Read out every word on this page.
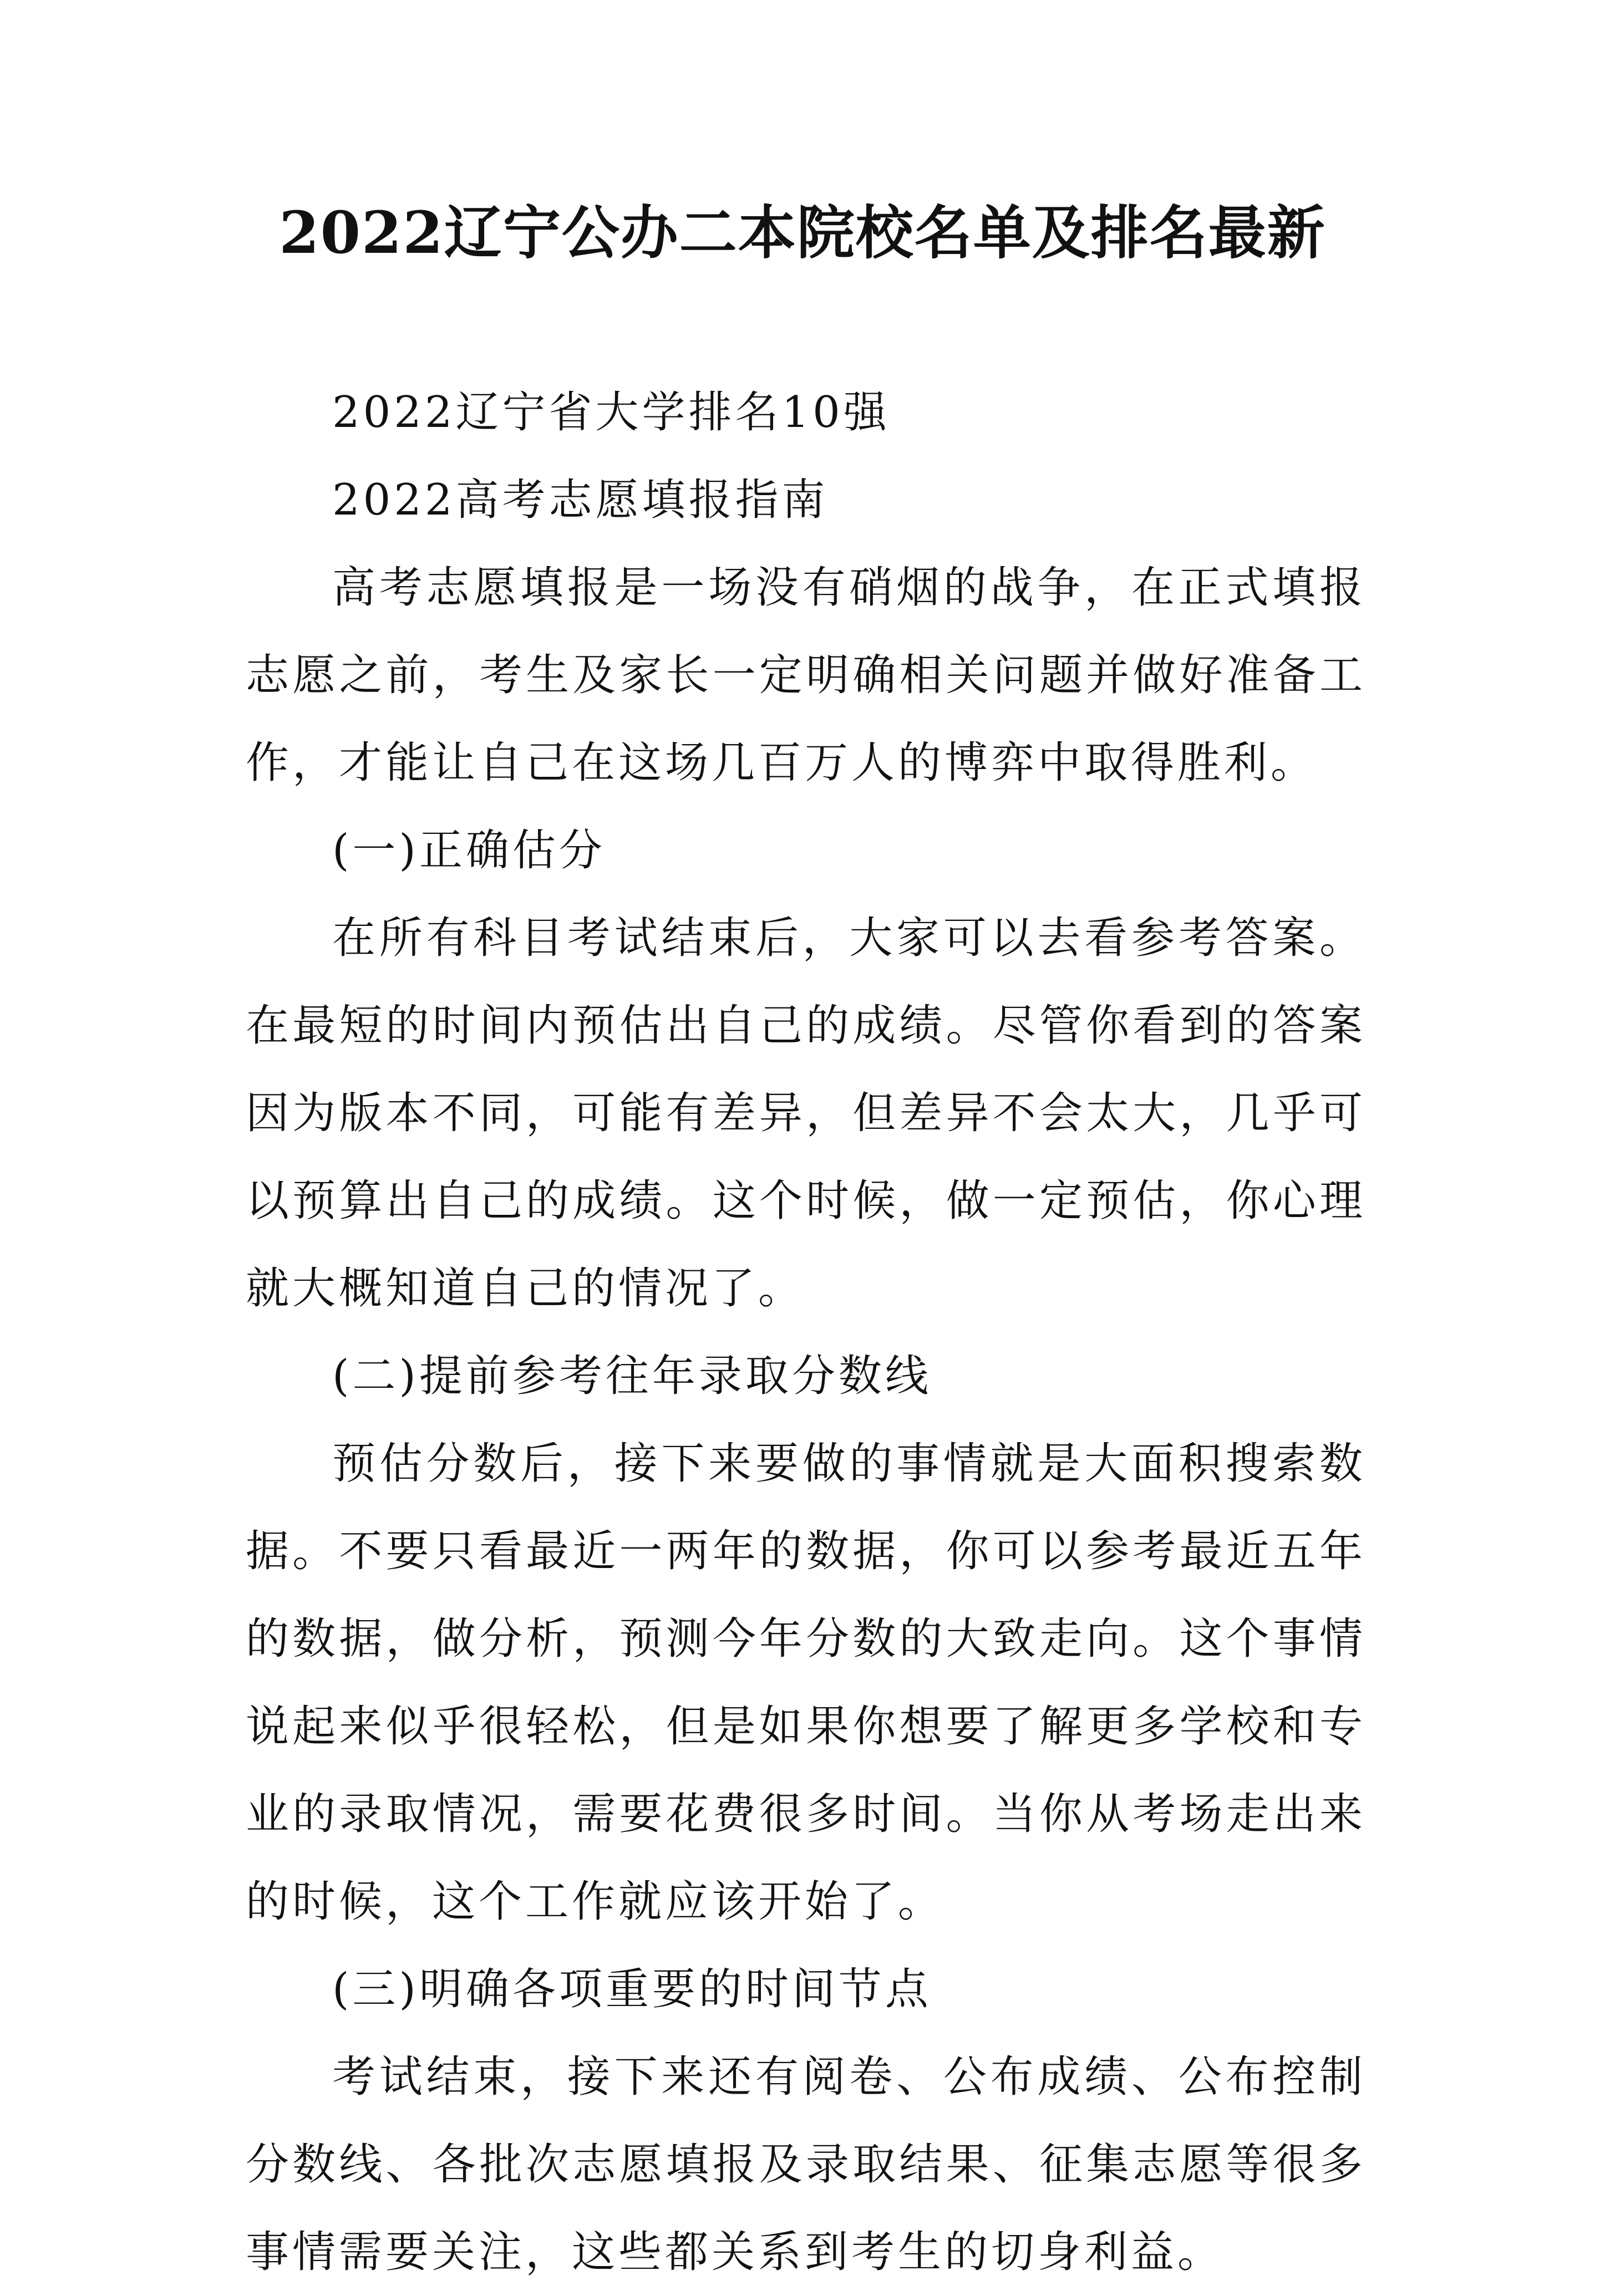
2022辽宁公办二本院校名单及排名最新

2022辽宁省大学排名10强

2022高考志愿填报指南

高考志愿填报是一场没有硝烟的战争，在正式填报志愿之前，考生及家长一定明确相关问题并做好准备工作，才能让自己在这场几百万人的博弈中取得胜利。

(一)正确估分

在所有科目考试结束后，大家可以去看参考答案。在最短的时间内预估出自己的成绩。尽管你看到的答案因为版本不同，可能有差异，但差异不会太大，几乎可以预算出自己的成绩。这个时候，做一定预估，你心理就大概知道自己的情况了。

(二)提前参考往年录取分数线

预估分数后，接下来要做的事情就是大面积搜索数据。不要只看最近一两年的数据，你可以参考最近五年的数据，做分析，预测今年分数的大致走向。这个事情说起来似乎很轻松，但是如果你想要了解更多学校和专业的录取情况，需要花费很多时间。当你从考场走出来的时候，这个工作就应该开始了。

(三)明确各项重要的时间节点

考试结束，接下来还有阅卷、公布成绩、公布控制分数线、各批次志愿填报及录取结果、征集志愿等很多事情需要关注，这些都关系到考生的切身利益。
